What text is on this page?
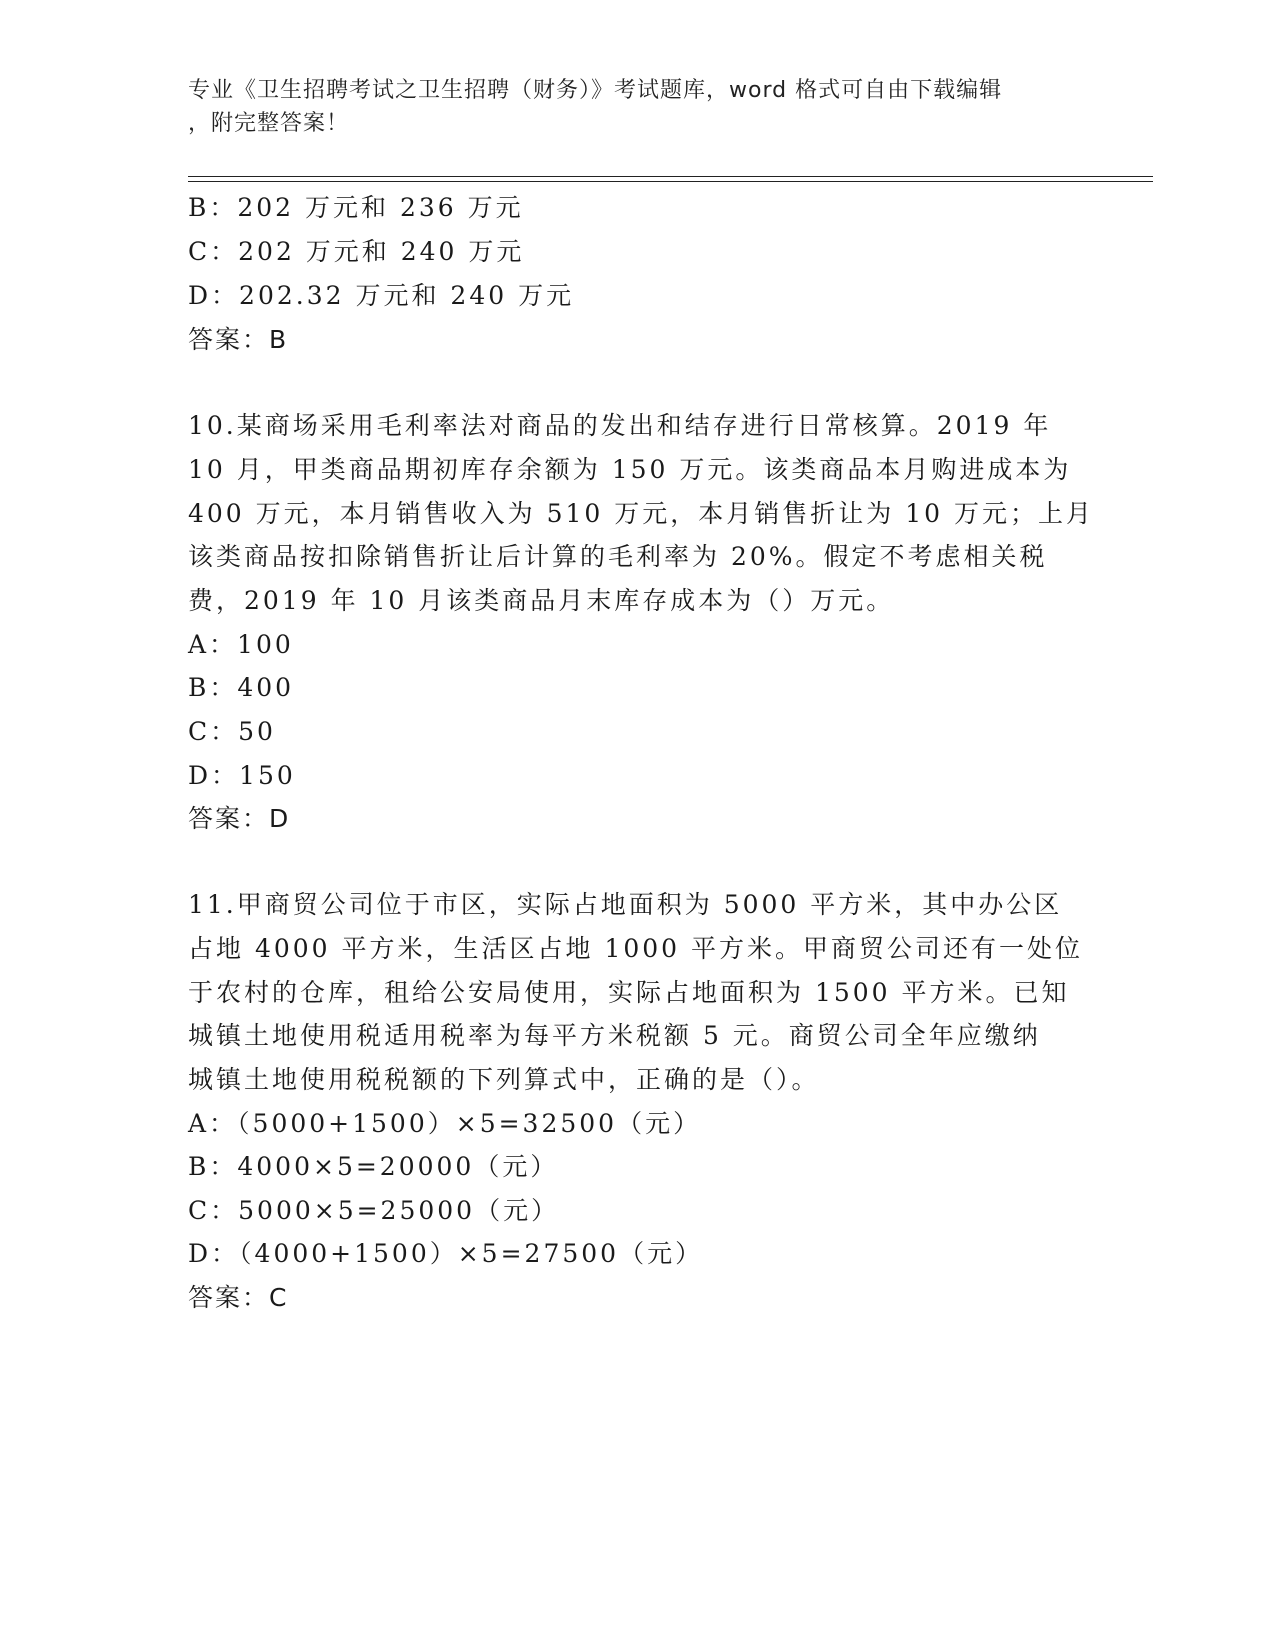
专业《卫生招聘考试之卫生招聘（财务）》考试题库，word 格式可自由下载编辑
，附完整答案！
B：202 万元和 236 万元
C：202 万元和 240 万元
D：202.32 万元和 240 万元
答案：B
10.某商场采用毛利率法对商品的发出和结存进行日常核算。2019 年
10 月，甲类商品期初库存余额为 150 万元。该类商品本月购进成本为
400 万元，本月销售收入为 510 万元，本月销售折让为 10 万元；上月
该类商品按扣除销售折让后计算的毛利率为 20%。假定不考虑相关税
费，2019 年 10 月该类商品月末库存成本为（）万元。
A：100
B：400
C：50
D：150
答案：D
11.甲商贸公司位于市区，实际占地面积为 5000 平方米，其中办公区
占地 4000 平方米，生活区占地 1000 平方米。甲商贸公司还有一处位
于农村的仓库，租给公安局使用，实际占地面积为 1500 平方米。已知
城镇土地使用税适用税率为每平方米税额 5 元。商贸公司全年应缴纳
城镇土地使用税税额的下列算式中，正确的是（）。
A：（5000+1500）×5=32500（元）
B：4000×5=20000（元）
C：5000×5=25000（元）
D：（4000+1500）×5=27500（元）
答案：C
